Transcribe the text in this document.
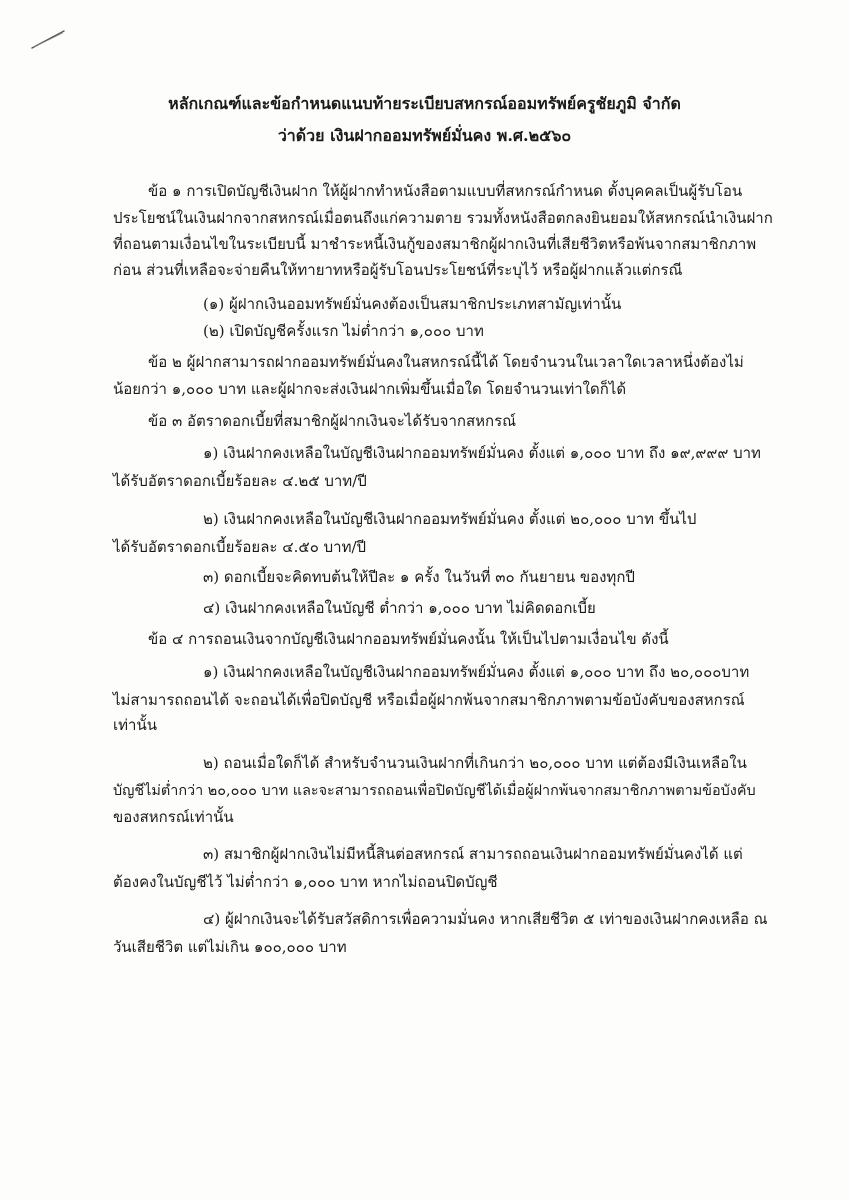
หลักเกณฑ์และข้อกำหนดแนบท้ายระเบียบสหกรณ์ออมทรัพย์ครูชัยภูมิ จำกัด
ว่าด้วย เงินฝากออมทรัพย์มั่นคง พ.ศ.๒๕๖๐
ข้อ ๑ การเปิดบัญชีเงินฝาก ให้ผู้ฝากทำหนังสือตามแบบที่สหกรณ์กำหนด ตั้งบุคคลเป็นผู้รับโอน
ประโยชน์ในเงินฝากจากสหกรณ์เมื่อตนถึงแก่ความตาย รวมทั้งหนังสือตกลงยินยอมให้สหกรณ์นำเงินฝาก
ที่ถอนตามเงื่อนไขในระเบียบนี้ มาชำระหนี้เงินกู้ของสมาชิกผู้ฝากเงินที่เสียชีวิตหรือพ้นจากสมาชิกภาพ
ก่อน ส่วนที่เหลือจะจ่ายคืนให้ทายาทหรือผู้รับโอนประโยชน์ที่ระบุไว้ หรือผู้ฝากแล้วแต่กรณี
(๑) ผู้ฝากเงินออมทรัพย์มั่นคงต้องเป็นสมาชิกประเภทสามัญเท่านั้น
(๒) เปิดบัญชีครั้งแรก ไม่ต่ำกว่า ๑,๐๐๐ บาท
ข้อ ๒ ผู้ฝากสามารถฝากออมทรัพย์มั่นคงในสหกรณ์นี้ได้ โดยจำนวนในเวลาใดเวลาหนึ่งต้องไม่
น้อยกว่า ๑,๐๐๐ บาท และผู้ฝากจะส่งเงินฝากเพิ่มขึ้นเมื่อใด โดยจำนวนเท่าใดก็ได้
ข้อ ๓ อัตราดอกเบี้ยที่สมาชิกผู้ฝากเงินจะได้รับจากสหกรณ์
๑) เงินฝากคงเหลือในบัญชีเงินฝากออมทรัพย์มั่นคง ตั้งแต่ ๑,๐๐๐ บาท ถึง ๑๙,๙๙๙ บาท
ได้รับอัตราดอกเบี้ยร้อยละ ๔.๒๕ บาท/ปี
๒) เงินฝากคงเหลือในบัญชีเงินฝากออมทรัพย์มั่นคง ตั้งแต่ ๒๐,๐๐๐ บาท ขึ้นไป
ได้รับอัตราดอกเบี้ยร้อยละ ๔.๕๐ บาท/ปี
๓) ดอกเบี้ยจะคิดทบต้นให้ปีละ ๑ ครั้ง ในวันที่ ๓๐ กันยายน ของทุกปี
๔) เงินฝากคงเหลือในบัญชี ต่ำกว่า ๑,๐๐๐ บาท ไม่คิดดอกเบี้ย
ข้อ ๔ การถอนเงินจากบัญชีเงินฝากออมทรัพย์มั่นคงนั้น ให้เป็นไปตามเงื่อนไข ดังนี้
๑) เงินฝากคงเหลือในบัญชีเงินฝากออมทรัพย์มั่นคง ตั้งแต่ ๑,๐๐๐ บาท ถึง ๒๐,๐๐๐บาท
ไม่สามารถถอนได้ จะถอนได้เพื่อปิดบัญชี หรือเมื่อผู้ฝากพ้นจากสมาชิกภาพตามข้อบังคับของสหกรณ์
เท่านั้น
๒) ถอนเมื่อใดก็ได้ สำหรับจำนวนเงินฝากที่เกินกว่า ๒๐,๐๐๐ บาท แต่ต้องมีเงินเหลือใน
บัญชีไม่ต่ำกว่า ๒๐,๐๐๐ บาท และจะสามารถถอนเพื่อปิดบัญชีได้เมื่อผู้ฝากพ้นจากสมาชิกภาพตามข้อบังคับ
ของสหกรณ์เท่านั้น
๓) สมาชิกผู้ฝากเงินไม่มีหนี้สินต่อสหกรณ์ สามารถถอนเงินฝากออมทรัพย์มั่นคงได้ แต่
ต้องคงในบัญชีไว้ ไม่ต่ำกว่า ๑,๐๐๐ บาท หากไม่ถอนปิดบัญชี
๔) ผู้ฝากเงินจะได้รับสวัสดิการเพื่อความมั่นคง หากเสียชีวิต ๕ เท่าของเงินฝากคงเหลือ ณ
วันเสียชีวิต แต่ไม่เกิน ๑๐๐,๐๐๐ บาท
